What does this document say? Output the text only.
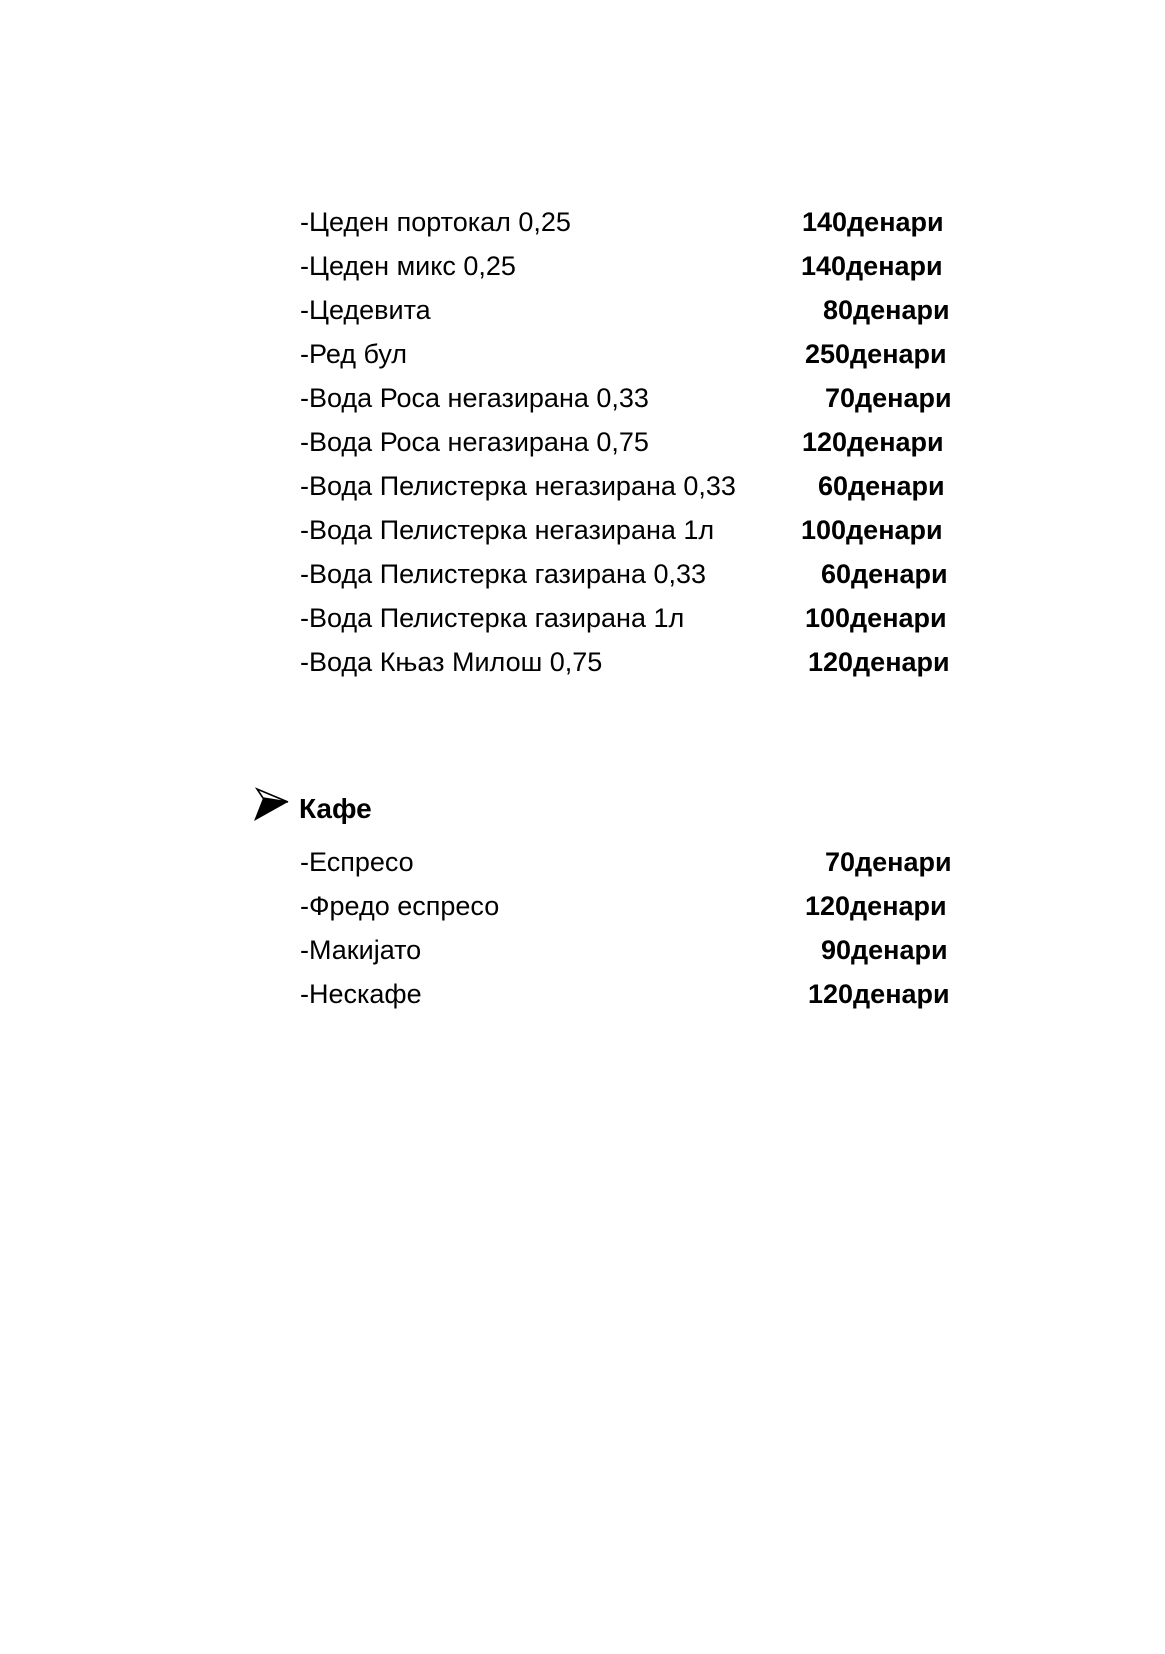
-Цеден портокал 0,25	140денари
-Цеден микс 0,25	140денари
-Цедевита	80денари
-Ред бул	250денари
-Вода Роса негазирана 0,33	70денари
-Вода Роса негазирана 0,75	120денари
-Вода Пелистерка негазирана 0,33	60денари
-Вода Пелистерка негазирана 1л	100денари
-Вода Пелистерка газирана 0,33	60денари
-Вода Пелистерка газирана 1л	100денари
-Вода Књаз Милош 0,75	120денари
Кафе
-Еспресо	70денари
-Фредо еспресо	120денари
-Макијато	90денари
-Нескафе	120денари
